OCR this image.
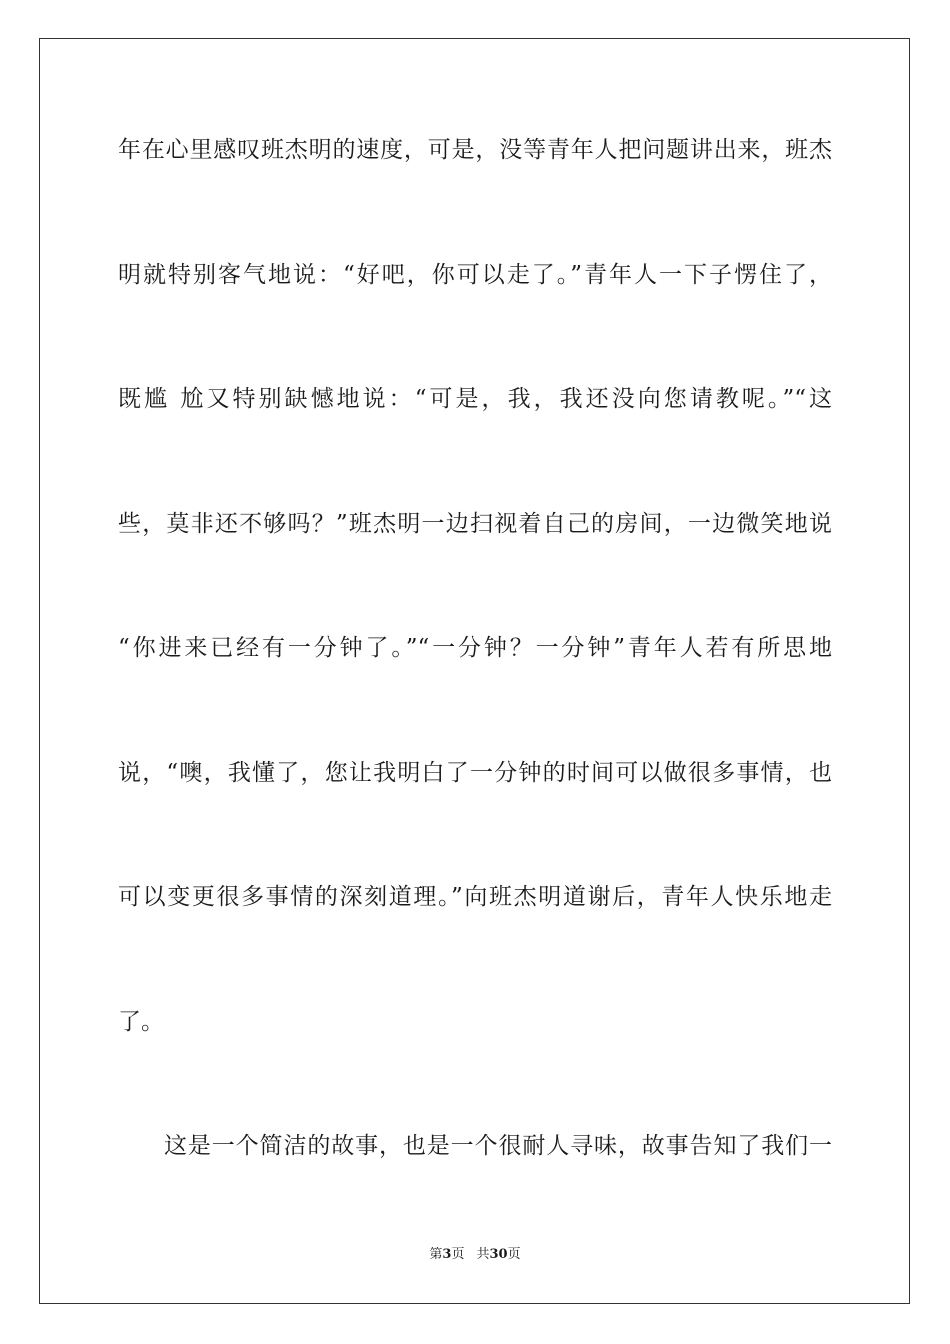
年在心里感叹班杰明的速度，可是，没等青年人把问题讲出来，班杰
明就特别客气地说：“好吧，你可以走了。”青年人一下子愣住了，
既尴 尬又特别缺憾地说：“可是，我，我还没向您请教呢。”“这
些，莫非还不够吗？”班杰明一边扫视着自己的房间，一边微笑地说
“你进来已经有一分钟了。”“一分钟？一分钟”青年人若有所思地
说，“噢，我懂了，您让我明白了一分钟的时间可以做很多事情，也
可以变更很多事情的深刻道理。”向班杰明道谢后，青年人快乐地走
了。
这是一个简洁的故事，也是一个很耐人寻味，故事告知了我们一
第3页 共30页
